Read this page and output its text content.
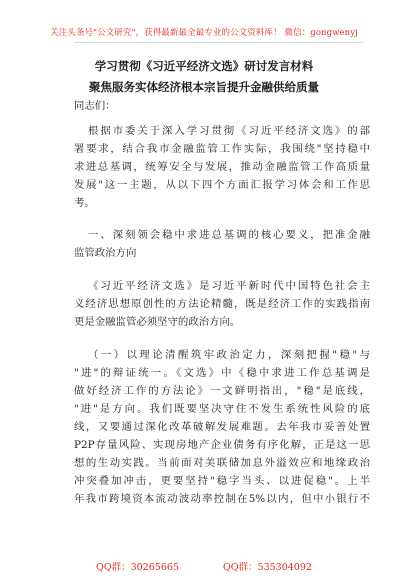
关注头条号"公文研究"，获得最新最全最专业的公文资料库！ 微信：gongwenyj
学习贯彻《习近平经济文选》研讨发言材料
聚焦服务实体经济根本宗旨提升金融供给质量
同志们：
根据市委关于深入学习贯彻《习近平经济文选》的部
署要求，结合我市金融监管工作实际，我围绕"坚持稳中
求进总基调，统筹安全与发展，推动金融监管工作高质量
发展"这一主题，从以下四个方面汇报学习体会和工作思
考。
一、深刻领会稳中求进总基调的核心要义，把准金融
监管政治方向
《习近平经济文选》是习近平新时代中国特色社会主
义经济思想原创性的方法论精髓，既是经济工作的实践指南
更是金融监管必须坚守的政治方向。
（一）以理论清醒筑牢政治定力，深刻把握"稳"与
"进"的辩证统一。《文选》中《稳中求进工作总基调是
做好经济工作的方法论》一文鲜明指出，"稳"是底线，
"进"是方向。我们既要坚决守住不发生系统性风险的底
线，又要通过深化改革破解发展难题。去年我市妥善处置
P2P存量风险、实现房地产企业债务有序化解，正是这一思
想的生动实践。当前面对美联储加息外溢效应和地缘政治
冲突叠加冲击，更要坚持"稳字当头、以进促稳"。上半
年我市跨境资本流动波动率控制在5%以内，但中小银行不
QQ群：30265665	QQ群：535304092
